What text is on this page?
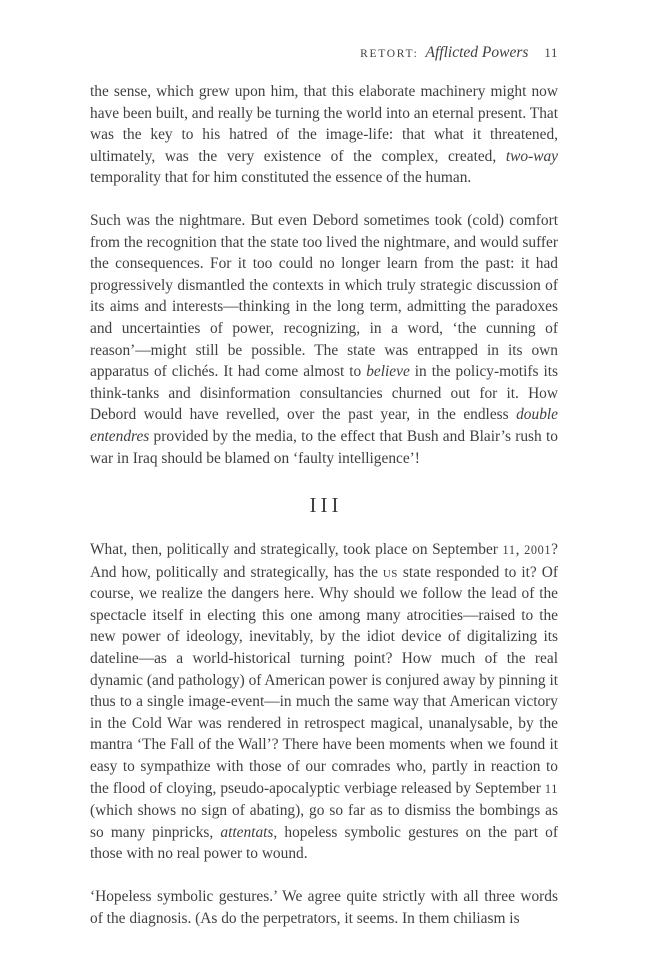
RETORT: Afflicted Powers 11

the sense, which grew upon him, that this elaborate machinery might now have been built, and really be turning the world into an eternal present. That was the key to his hatred of the image-life: that what it threatened, ultimately, was the very existence of the complex, created, two-way temporality that for him constituted the essence of the human.

Such was the nightmare. But even Debord sometimes took (cold) comfort from the recognition that the state too lived the nightmare, and would suffer the consequences. For it too could no longer learn from the past: it had progressively dismantled the contexts in which truly strategic discussion of its aims and interests—thinking in the long term, admitting the paradoxes and uncertainties of power, recognizing, in a word, ‘the cunning of reason’—might still be possible. The state was entrapped in its own apparatus of clichés. It had come almost to believe in the policy-motifs its think-tanks and disinformation consultancies churned out for it. How Debord would have revelled, over the past year, in the endless double entendres provided by the media, to the effect that Bush and Blair’s rush to war in Iraq should be blamed on ‘faulty intelligence’!

III

What, then, politically and strategically, took place on September 11, 2001? And how, politically and strategically, has the us state responded to it? Of course, we realize the dangers here. Why should we follow the lead of the spectacle itself in electing this one among many atrocities—raised to the new power of ideology, inevitably, by the idiot device of digitalizing its dateline—as a world-historical turning point? How much of the real dynamic (and pathology) of American power is conjured away by pinning it thus to a single image-event—in much the same way that American victory in the Cold War was rendered in retrospect magical, unanalysable, by the mantra ‘The Fall of the Wall’? There have been moments when we found it easy to sympathize with those of our comrades who, partly in reaction to the flood of cloying, pseudo-apocalyptic verbiage released by September 11 (which shows no sign of abating), go so far as to dismiss the bombings as so many pinpricks, attentats, hopeless symbolic gestures on the part of those with no real power to wound.

‘Hopeless symbolic gestures.’ We agree quite strictly with all three words of the diagnosis. (As do the perpetrators, it seems. In them chiliasm is
